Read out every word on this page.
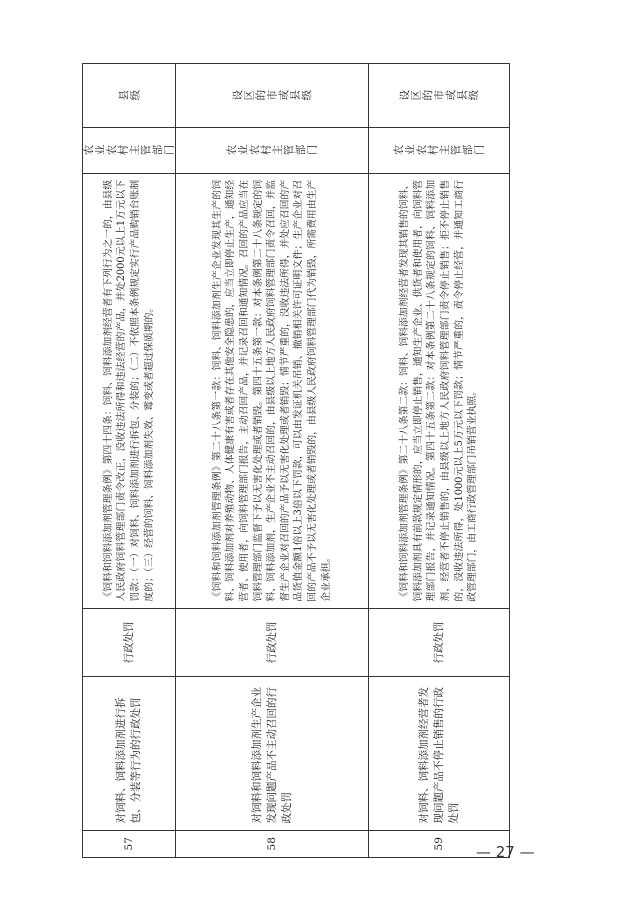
57	对饲料、饲料添加剂进行拆包、分装等行为的行政处罚	行政处罚	《饲料和饲料添加剂管理条例》第四十四条：饲料、饲料添加剂经营者有下列行为之一的，由县级人民政府饲料管理部门责令改正，没收违法所得和违法经营的产品，并处2000元以上1万元以下罚款：（一）对饲料、饲料添加剂进行拆包、分装的；（二）不依照本条例规定实行产品购销台账制度的；（三）经营的饲料、饲料添加剂失效、霉变或者超过保质期的。	农业农村主管部门	县级

58	对饲料和饲料添加剂生产企业发现问题产品不主动召回的行政处罚	行政处罚	《饲料和饲料添加剂管理条例》第二十八条第一款：饲料、饲料添加剂生产企业发现其生产的饲料、饲料添加剂对养殖动物、人体健康有害或者存在其他安全隐患的，应当立即停止生产，通知经营者、使用者，向饲料管理部门报告，主动召回产品，并记录召回和通知情况。召回的产品应当在饲料管理部门监督下予以无害化处理或者销毁。第四十五条第一款：对本条例第二十八条规定的饲料、饲料添加剂，生产企业不主动召回的，由县级以上地方人民政府饲料管理部门责令召回，并监督生产企业对召回的产品予以无害化处理或者销毁；情节严重的，没收违法所得，并处应召回的产品货值金额1倍以上3倍以下罚款，可以由发证机关吊销、撤销相关许可证明文件；生产企业对召回的产品不予以无害化处理或者销毁的，由县级人民政府饲料管理部门代为销毁，所需费用由生产企业承担。	农业农村主管部门	设区的市或县级

59	对饲料、饲料添加剂经营者发现问题产品不停止销售的行政处罚	行政处罚	《饲料和饲料添加剂管理条例》第二十八条第二款：饲料、饲料添加剂经营者发现其销售的饲料、饲料添加剂具有前款规定情形的，应当立即停止销售，通知生产企业、供货者和使用者，向饲料管理部门报告，并记录通知情况。第四十五条第二款：对本条例第二十八条规定的饲料、饲料添加剂，经营者不停止销售的，由县级以上地方人民政府饲料管理部门责令停止销售；拒不停止销售的，没收违法所得，处1000元以上5万元以下罚款；情节严重的，责令停止经营，并通知工商行政管理部门，由工商行政管理部门吊销营业执照。	农业农村主管部门	设区的市或县级
— 27 —
